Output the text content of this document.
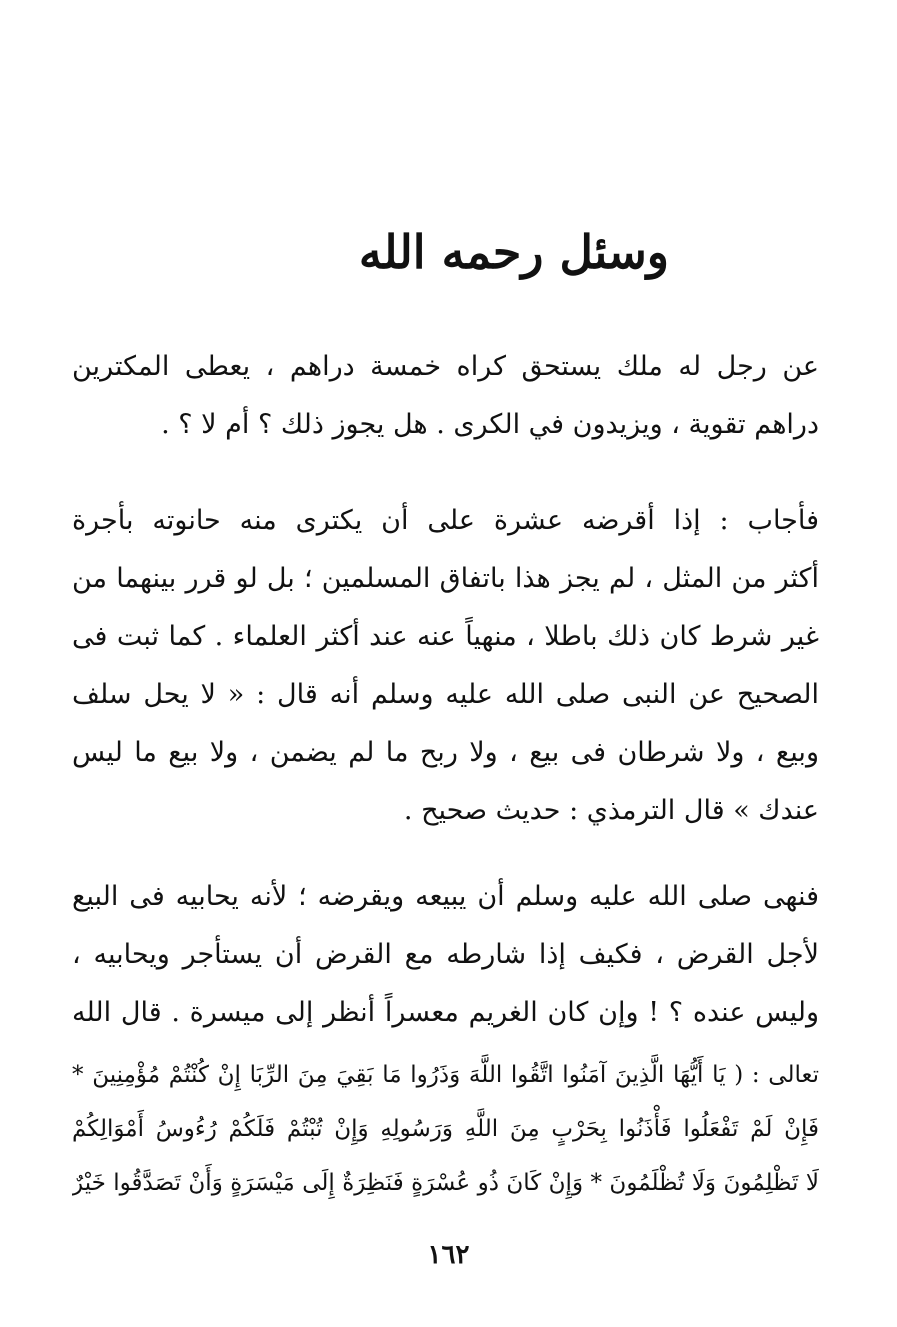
وسئل رحمه الله
عن رجل له ملك يستحق كراه خمسة دراهم ، يعطى المكترين
دراهم تقوية ، ويزيدون في الكرى . هل يجوز ذلك ؟ أم لا ؟ .
فأجاب : إذا أقرضه عشرة على أن يكترى منه حانوته بأجرة
أكثر من المثل ، لم يجز هذا باتفاق المسلمين ؛ بل لو قرر بينهما من
غير شرط كان ذلك باطلا ، منهياً عنه عند أكثر العلماء . كما ثبت فى
الصحيح عن النبى صلى الله عليه وسلم أنه قال : « لا يحل سلف
وبيع ، ولا شرطان فى بيع ، ولا ربح ما لم يضمن ، ولا بيع ما ليس
عندك » قال الترمذي : حديث صحيح .
فنهى صلى الله عليه وسلم أن يبيعه ويقرضه ؛ لأنه يحابيه فى البيع
لأجل القرض ، فكيف إذا شارطه مع القرض أن يستأجر ويحابيه ،
وليس عنده ؟ ! وإن كان الغريم معسراً أنظر إلى ميسرة . قال الله
تعالى : ( يَا أَيُّهَا الَّذِينَ آمَنُوا اتَّقُوا اللَّهَ وَذَرُوا مَا بَقِيَ مِنَ الرِّبَا إِنْ كُنْتُمْ مُؤْمِنِينَ *
فَإِنْ لَمْ تَفْعَلُوا فَأْذَنُوا بِحَرْبٍ مِنَ اللَّهِ وَرَسُولِهِ وَإِنْ تُبْتُمْ فَلَكُمْ رُءُوسُ أَمْوَالِكُمْ
لَا تَظْلِمُونَ وَلَا تُظْلَمُونَ * وَإِنْ كَانَ ذُو عُسْرَةٍ فَنَظِرَةٌ إِلَى مَيْسَرَةٍ وَأَنْ تَصَدَّقُوا خَيْرٌ
١٦٢
